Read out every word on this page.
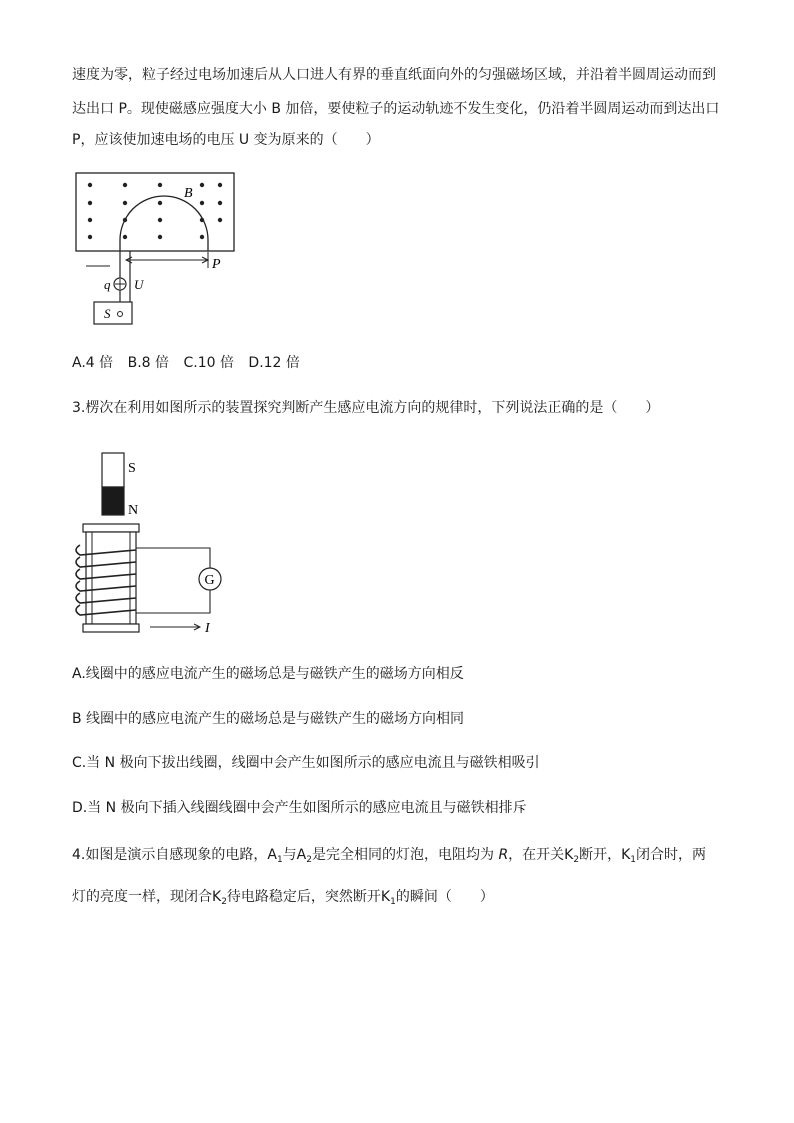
速度为零，粒子经过电场加速后从人口进人有界的垂直纸面向外的匀强磁场区域，并沿着半圆周运动而到
达出口 P。现使磁感应强度大小 B 加倍，要使粒子的运动轨迹不发生变化，仍沿着半圆周运动而到达出口
P，应该使加速电场的电压 U 变为原来的（　　）
B
P
q U
S
A.4 倍 B.8 倍 C.10 倍 D.12 倍
3.楞次在利用如图所示的装置探究判断产生感应电流方向的规律时，下列说法正确的是（　　）
S
N
G
I
A.线圈中的感应电流产生的磁场总是与磁铁产生的磁场方向相反
B 线圈中的感应电流产生的磁场总是与磁铁产生的磁场方向相同
C.当 N 极向下拔出线圈，线圈中会产生如图所示的感应电流且与磁铁相吸引
D.当 N 极向下插入线圈线圈中会产生如图所示的感应电流且与磁铁相排斥
4.如图是演示自感现象的电路，$A_1$与$A_2$是完全相同的灯泡，电阻均为 R，在开关$K_2$断开，$K_1$闭合时，两
灯的亮度一样，现闭合$K_2$待电路稳定后，突然断开$K_1$的瞬间（　　）
